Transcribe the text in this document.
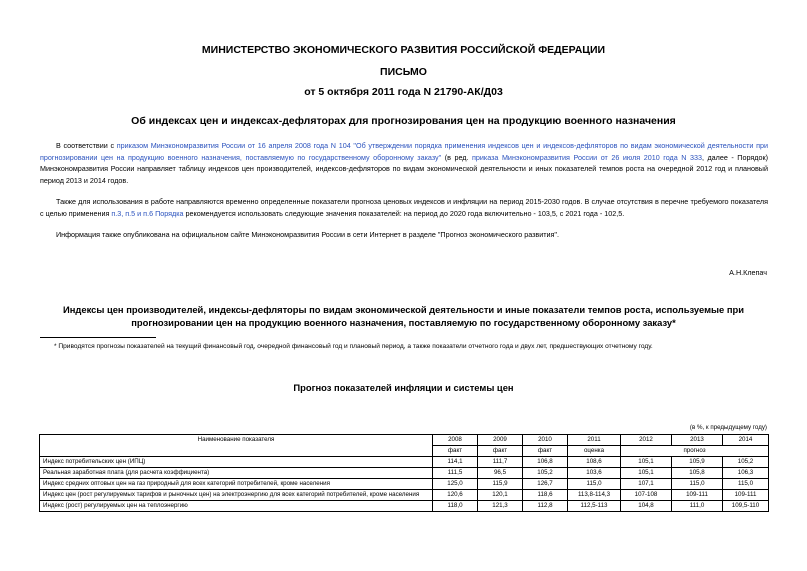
МИНИСТЕРСТВО ЭКОНОМИЧЕСКОГО РАЗВИТИЯ РОССИЙСКОЙ ФЕДЕРАЦИИ
ПИСЬМО
от 5 октября 2011 года N 21790-АК/Д03
Об индексах цен и индексах-дефляторах для прогнозирования цен на продукцию военного назначения
В соответствии с приказом Минэкономразвития России от 16 апреля 2008 года N 104 "Об утверждении порядка применения индексов цен и индексов-дефляторов по видам экономической деятельности при прогнозировании цен на продукцию военного назначения, поставляемую по государственному оборонному заказу" (в ред. приказа Минэкономразвития России от 26 июля 2010 года N 333, далее - Порядок) Минэкономразвития России направляет таблицу индексов цен производителей, индексов-дефляторов по видам экономической деятельности и иных показателей темпов роста на очередной 2012 год и плановый период 2013 и 2014 годов.
Также для использования в работе направляются временно определенные показатели прогноза ценовых индексов и инфляции на период 2015-2030 годов. В случае отсутствия в перечне требуемого показателя с целью применения п.3, п.5 и п.6 Порядка рекомендуется использовать следующие значения показателей: на период до 2020 года включительно - 103,5, с 2021 года - 102,5.
Информация также опубликована на официальном сайте Минэкономразвития России в сети Интернет в разделе "Прогноз экономического развития".
А.Н.Клепач
Индексы цен производителей, индексы-дефляторы по видам экономической деятельности и иные показатели темпов роста, используемые при прогнозировании цен на продукцию военного назначения, поставляемую по государственному оборонному заказу*
* Приводятся прогнозы показателей на текущий финансовый год, очередной финансовый год и плановый период, а также показатели отчетного года и двух лет, предшествующих отчетному году.
Прогноз показателей инфляции и системы цен
(в %, к предыдущему году)
Наименование показателя	2008	2009	2010	2011	2012	2013	2014
	факт	факт	факт	оценка	прогноз		
Индекс потребительских цен (ИПЦ)	114,1	111,7	106,8	108,6	105,1	105,9	105,2
Реальная заработная плата (для расчета коэффициента)	111,5	96,5	105,2	103,6	105,1	105,8	106,3
Индекс средних оптовых цен на газ природный для всех категорий потребителей, кроме населения	125,0	115,9	126,7	115,0	107,1	115,0	115,0
Индекс цен (рост регулируемых тарифов и рыночных цен) на электроэнергию для всех категорий потребителей, кроме населения	120,6	120,1	118,6	113,8-114,3	107-108	109-111	109-111
Индекс (рост) регулируемых цен на теплоэнергию	118,0	121,3	112,8	112,5-113	104,8	111,0	109,5-110
